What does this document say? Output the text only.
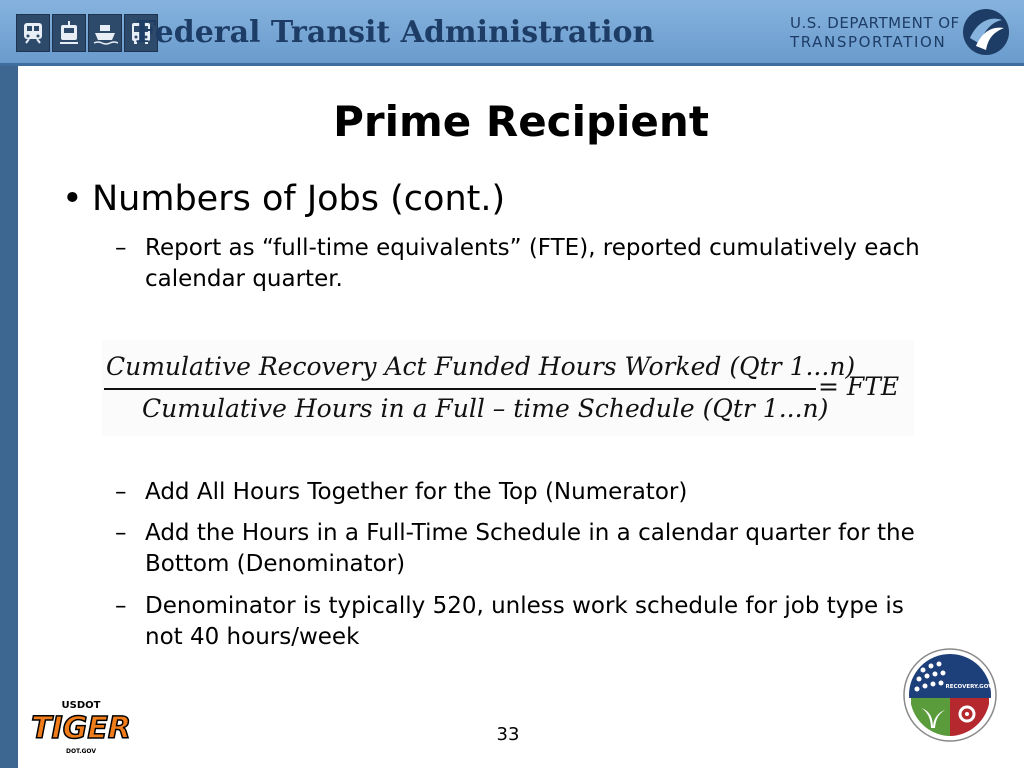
Federal Transit Administration	U.S. DEPARTMENT OF
TRANSPORTATION
Prime Recipient
• Numbers of Jobs (cont.)
– Report as “full-time equivalents” (FTE), reported cumulatively each calendar quarter.
Cumulative Recovery Act Funded Hours Worked (Qtr 1...n)
Cumulative Hours in a Full – time Schedule (Qtr 1...n)
= FTE
– Add All Hours Together for the Top (Numerator)
– Add the Hours in a Full-Time Schedule in a calendar quarter for the Bottom (Denominator)
– Denominator is typically 520, unless work schedule for job type is not 40 hours/week
33
USDOT
TIGER
DOT.GOV
RECOVERY.GOV
